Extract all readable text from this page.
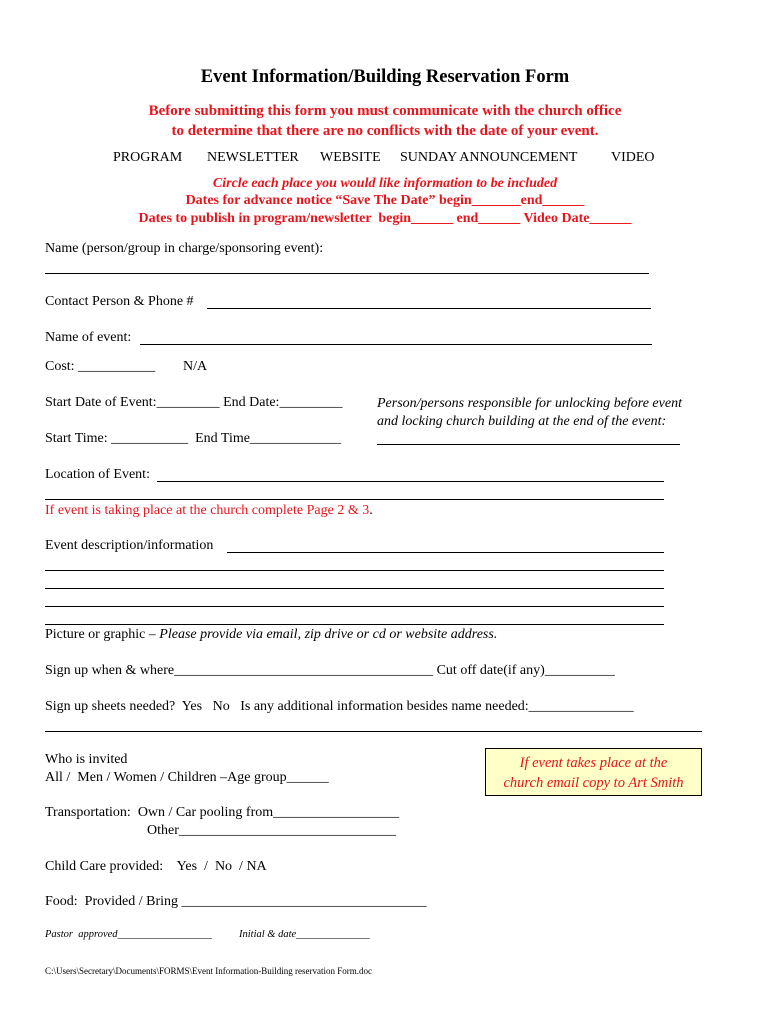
Event Information/Building Reservation Form
Before submitting this form you must communicate with the church office
to determine that there are no conflicts with the date of your event.
PROGRAM NEWSLETTER WEBSITE SUNDAY ANNOUNCEMENT VIDEO
Circle each place you would like information to be included
Dates for advance notice “Save The Date” begin_______end______
Dates to publish in program/newsletter  begin______ end______ Video Date______
Name (person/group in charge/sponsoring event):
Contact Person & Phone #
Name of event:
Cost: ___________ N/A
Start Date of Event:_________ End Date:_________
Start Time: ___________  End Time_____________
Person/persons responsible for unlocking before event
and locking church building at the end of the event:
Location of Event:
If event is taking place at the church complete Page 2 & 3.
Event description/information
Picture or graphic – Please provide via email, zip drive or cd or website address.
Sign up when & where_____________________________________ Cut off date(if any)__________
Sign up sheets needed?  Yes   No   Is any additional information besides name needed:_______________
Who is invited
All /  Men / Women / Children –Age group______
If event takes place at the
church email copy to Art Smith
Transportation:  Own / Car pooling from__________________
Other_______________________________
Child Care provided:    Yes  /  No  / NA
Food:  Provided / Bring ___________________________________
Pastor  approved__________________	Initial & date______________
C:\Users\Secretary\Documents\FORMS\Event Information-Building reservation Form.doc
